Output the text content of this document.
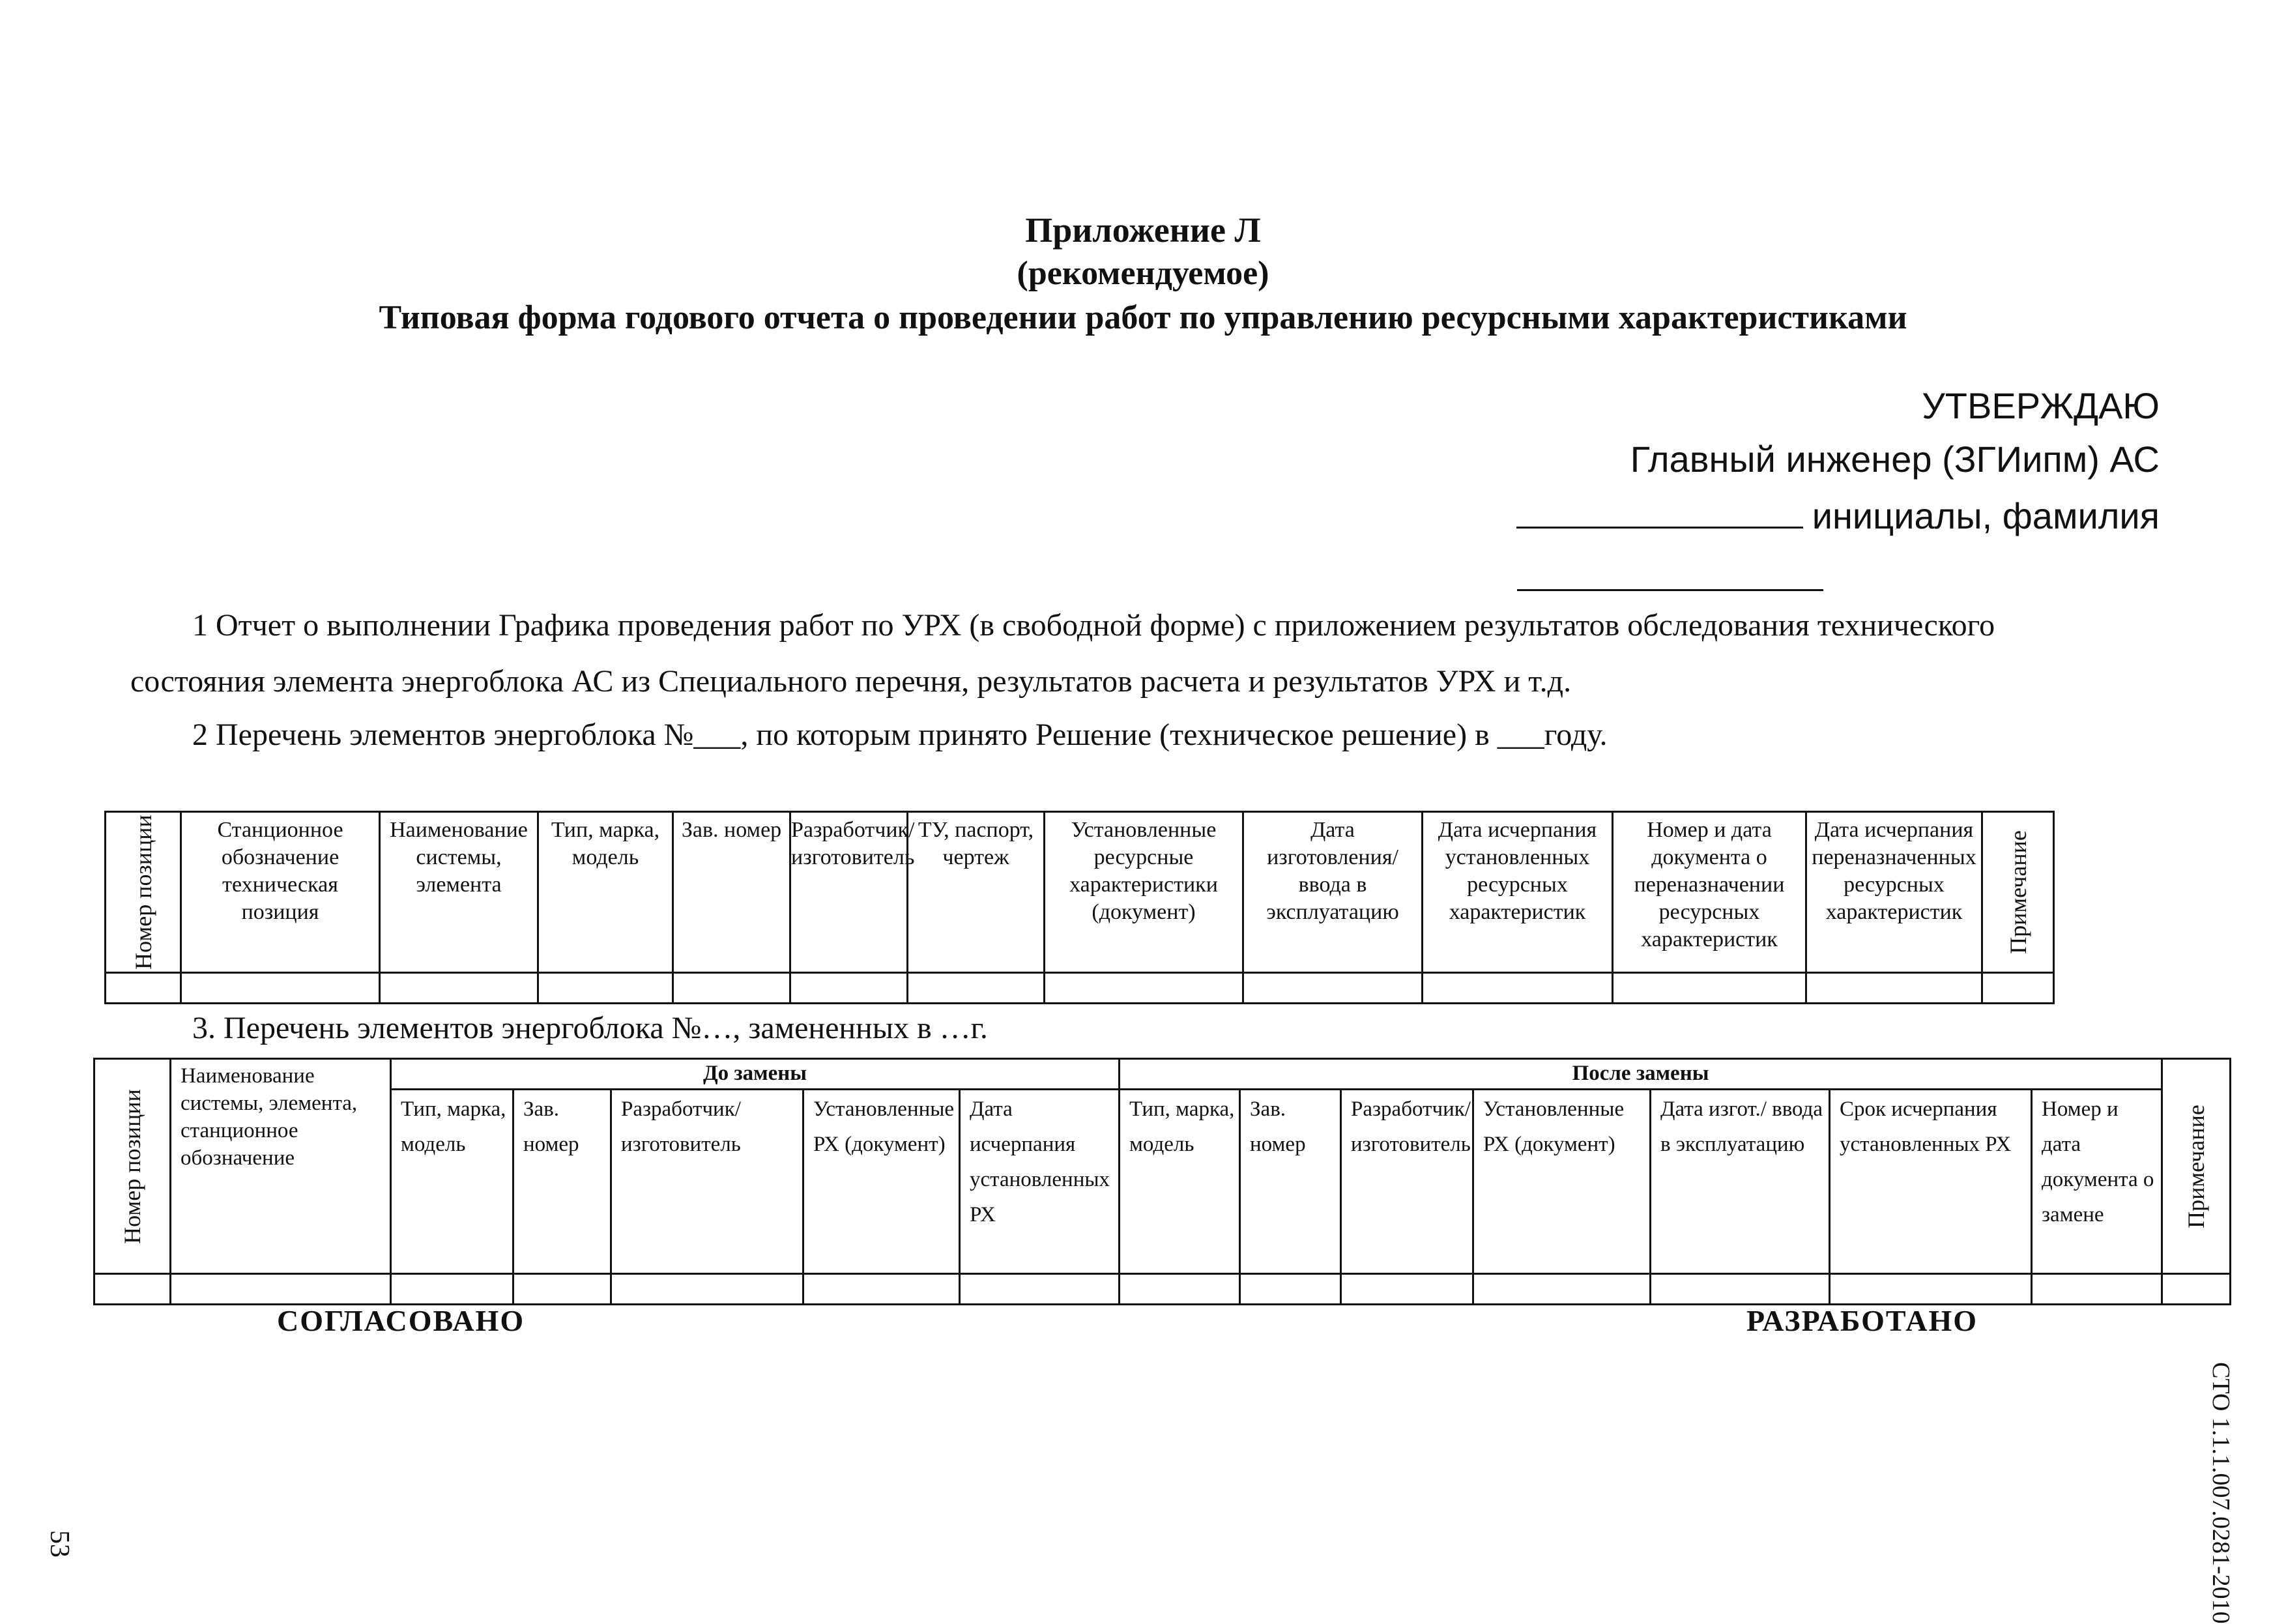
Приложение Л
(рекомендуемое)
Типовая форма годового отчета о проведении работ по управлению ресурсными характеристиками
УТВЕРЖДАЮ
Главный инженер (ЗГИипм) АС
инициалы, фамилия
1 Отчет о выполнении Графика проведения работ по УРХ (в свободной форме) с приложением результатов обследования технического
состояния элемента энергоблока АС из Специального перечня, результатов расчета и результатов УРХ и т.д.
2 Перечень элементов энергоблока №___, по которым принято Решение (техническое решение) в ___году.
Номер позиции	Станционное обозначение техническая позиция	Наименование системы, элемента	Тип, марка, модель	Зав. номер	Разработчик/ изготовитель	ТУ, паспорт, чертеж	Установленные ресурсные характеристики (документ)	Дата изготовления/ ввода в эксплуатацию	Дата исчерпания установленных ресурсных характеристик	Номер и дата документа о переназначении ресурсных характеристик	Дата исчерпания переназначенных ресурсных характеристик	Примечание

3. Перечень элементов энергоблока №…, замененных в …г.
Номер позиции	Наименование системы, элемента, станционное обозначение	До замены					После замены							Примечание

		Тип, марка, модель	Зав. номер	Разработчик/ изготовитель	Установленные РХ (документ)	Дата исчерпания установленных РХ	Тип, марка, модель	Зав. номер	Разработчик/ изготовитель	Установленные РХ (документ)	Дата изгот./ ввода в эксплуатацию	Срок исчерпания установленных РХ	Номер и дата документа о замене	

СОГЛАСОВАНО	РАЗРАБОТАНО
СТО 1.1.1.007.0281-2010
53
